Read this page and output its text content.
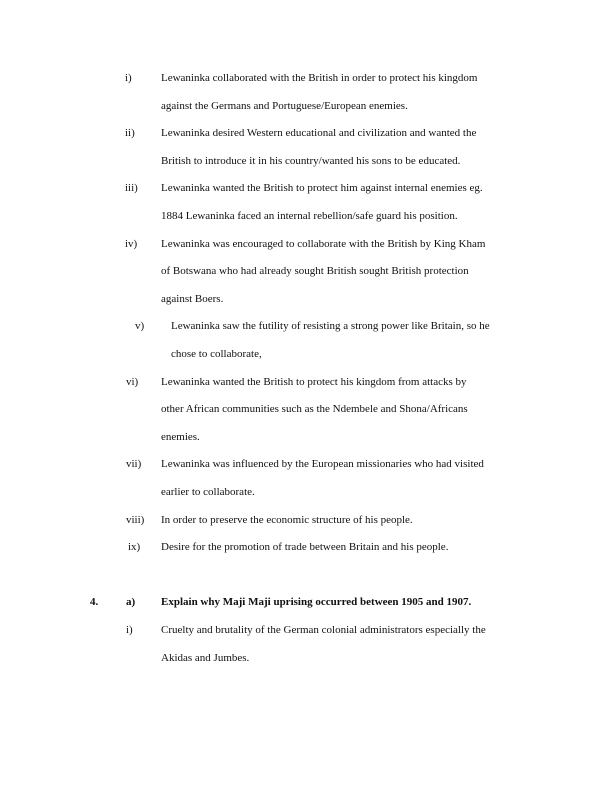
i)	Lewaninka collaborated with the British in order to protect his kingdom
against the Germans and Portuguese/European enemies.
ii) Lewaninka desired Western educational and civilization and wanted the
British to introduce it in his country/wanted his sons to be educated.
iii) Lewaninka wanted the British to protect him against internal enemies eg.
1884 Lewaninka faced an internal rebellion/safe guard his position.
iv) Lewaninka was encouraged to collaborate with the British by King Kham
of Botswana who had already sought British sought British protection
against Boers.
v) Lewaninka saw the futility of resisting a strong power like Britain, so he
chose to collaborate,
vi) Lewaninka wanted the British to protect his kingdom from attacks by
other African communities such as the Ndembele and Shona/Africans
enemies.
vii) Lewaninka was influenced by the European missionaries who had visited
earlier to collaborate.
viii) In order to preserve the economic structure of his people.
ix) Desire for the promotion of trade between Britain and his people.
4.	a) Explain why Maji Maji uprising occurred between 1905 and 1907.
i)	Cruelty and brutality of the German colonial administrators especially the
Akidas and Jumbes.
